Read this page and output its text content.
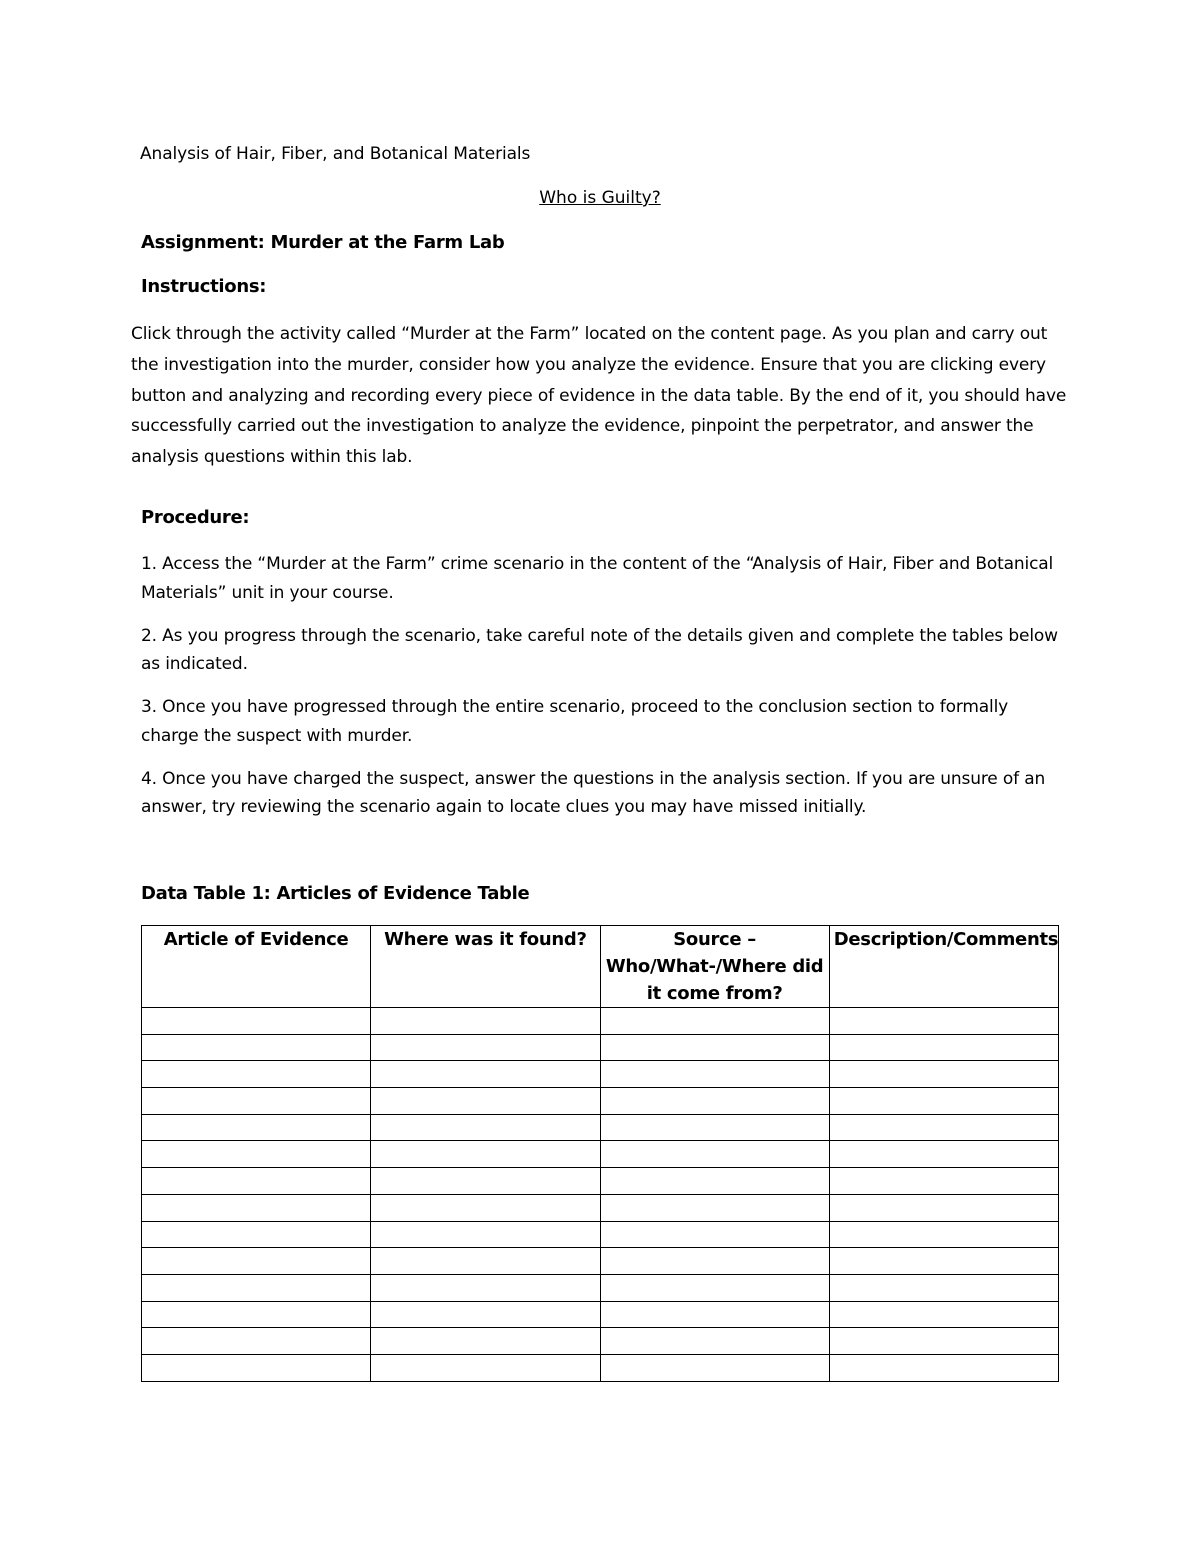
Analysis of Hair, Fiber, and Botanical Materials
Who is Guilty?
Assignment: Murder at the Farm Lab
Instructions:
Click through the activity called “Murder at the Farm” located on the content page. As you plan and carry out the investigation into the murder, consider how you analyze the evidence. Ensure that you are clicking every button and analyzing and recording every piece of evidence in the data table. By the end of it, you should have successfully carried out the investigation to analyze the evidence, pinpoint the perpetrator, and answer the analysis questions within this lab.
Procedure:

1. Access the “Murder at the Farm” crime scenario in the content of the “Analysis of Hair, Fiber and Botanical Materials” unit in your course.

2. As you progress through the scenario, take careful note of the details given and complete the tables below as indicated.

3. Once you have progressed through the entire scenario, proceed to the conclusion section to formally charge the suspect with murder.

4. Once you have charged the suspect, answer the questions in the analysis section. If you are unsure of an answer, try reviewing the scenario again to locate clues you may have missed initially.

Data Table 1: Articles of Evidence Table
Article of Evidence	Where was it found?	Source – Who/What-/Where did it come from?	Description/Comments
